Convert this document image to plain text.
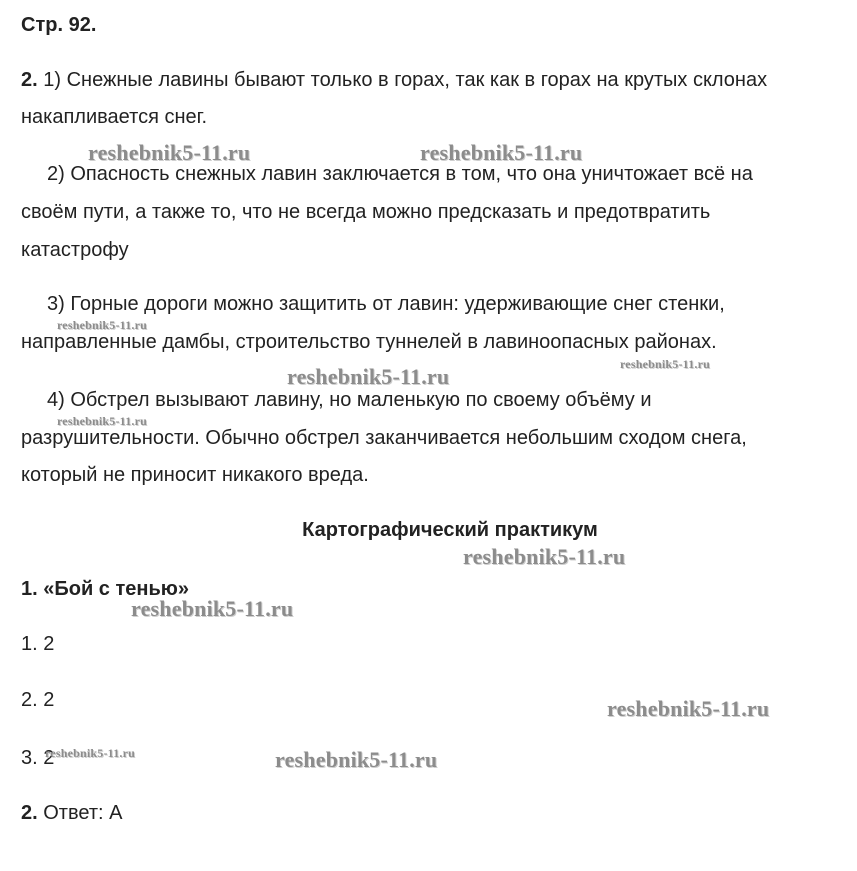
Стр. 92.
2. 1) Снежные лавины бывают только в горах, так как в горах на крутых склонах
накапливается снег.
2) Опасность снежных лавин заключается в том, что она уничтожает всё на
своём пути, а также то, что не всегда можно предсказать и предотвратить
катастрофу
3) Горные дороги можно защитить от лавин: удерживающие снег стенки,
направленные дамбы, строительство туннелей в лавиноопасных районах.
4) Обстрел вызывают лавину, но маленькую по своему объёму и
разрушительности. Обычно обстрел заканчивается небольшим сходом снега,
который не приносит никакого вреда.
Картографический практикум
1. «Бой с тенью»
1. 2
2. 2
3. 2
2. Ответ: А
reshebnik5-11.ru	reshebnik5-11.ru
reshebnik5-11.ru
reshebnik5-11.ru
reshebnik5-11.ru
reshebnik5-11.ru
reshebnik5-11.ru
reshebnik5-11.ru
reshebnik5-11.ru
reshebnik5-11.ru	reshebnik5-11.ru
